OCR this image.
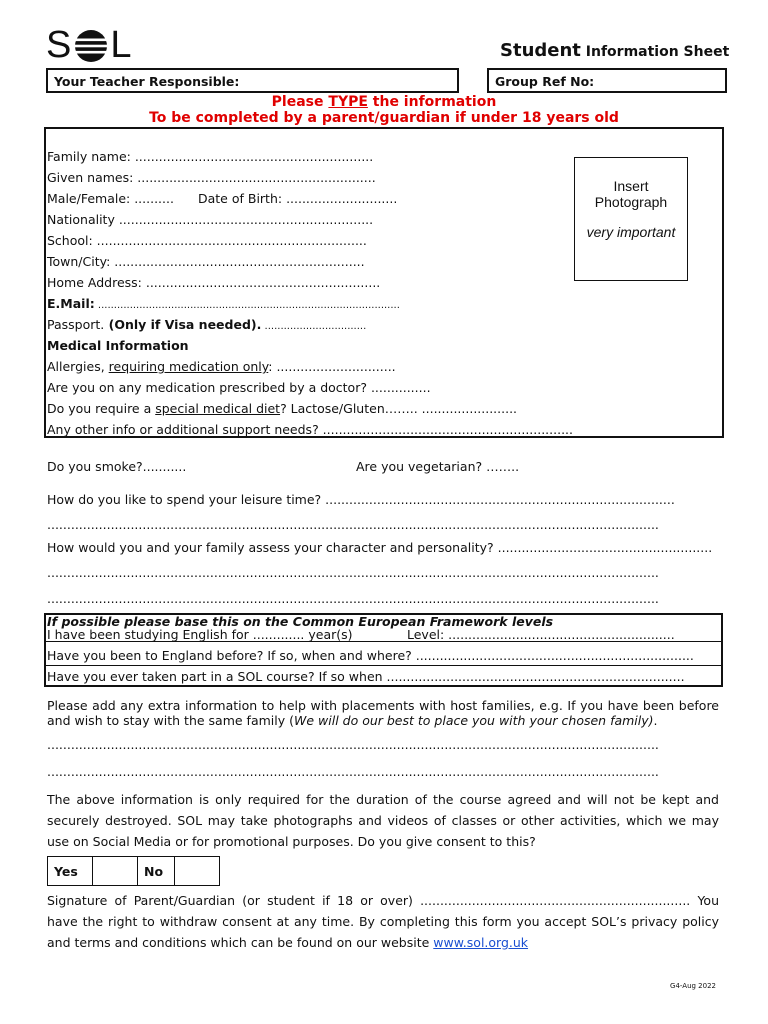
S L	Student Information Sheet
Your Teacher Responsible:	Group Ref No:
Please TYPE the information
To be completed by a parent/guardian if under 18 years old
Family name: ............................................................
Given names: ............................................................
Male/Female: .......... Date of Birth: ............................
Nationality ................................................................
School: ....................................................................
Town/City: ...............................................................
Home Address: ...........................................................
E.Mail: ...............................................................................................
Passport. (Only if Visa needed). ................................
Medical Information
Allergies, requiring medication only: ..............................
Are you on any medication prescribed by a doctor? ...............
Do you require a special medical diet? Lactose/Gluten…….. ........................
Any other info or additional support needs? ...............................................................
Insert
Photograph
very important
Do you smoke?...........	Are you vegetarian? ……..
How do you like to spend your leisure time? ........................................................................................
..........................................................................................................................................................
How would you and your family assess your character and personality? ......................................................
..........................................................................................................................................................
..........................................................................................................................................................
If possible please base this on the Common European Framework levels
I have been studying English for ............. year(s)	Level: .........................................................
Have you been to England before? If so, when and where? ......................................................................
Have you ever taken part in a SOL course? If so when ...........................................................................
Please add any extra information to help with placements with host families, e.g. If you have been before and wish to stay with the same family (We will do our best to place you with your chosen family).
..........................................................................................................................................................
..........................................................................................................................................................
The above information is only required for the duration of the course agreed and will not be kept and securely destroyed. SOL may take photographs and videos of classes or other activities, which we may use on Social Media or for promotional purposes. Do you give consent to this?
Yes		No	
Signature of Parent/Guardian (or student if 18 or over) .................................................................... You have the right to withdraw consent at any time. By completing this form you accept SOL’s privacy policy and terms and conditions which can be found on our website www.sol.org.uk
G4-Aug 2022
